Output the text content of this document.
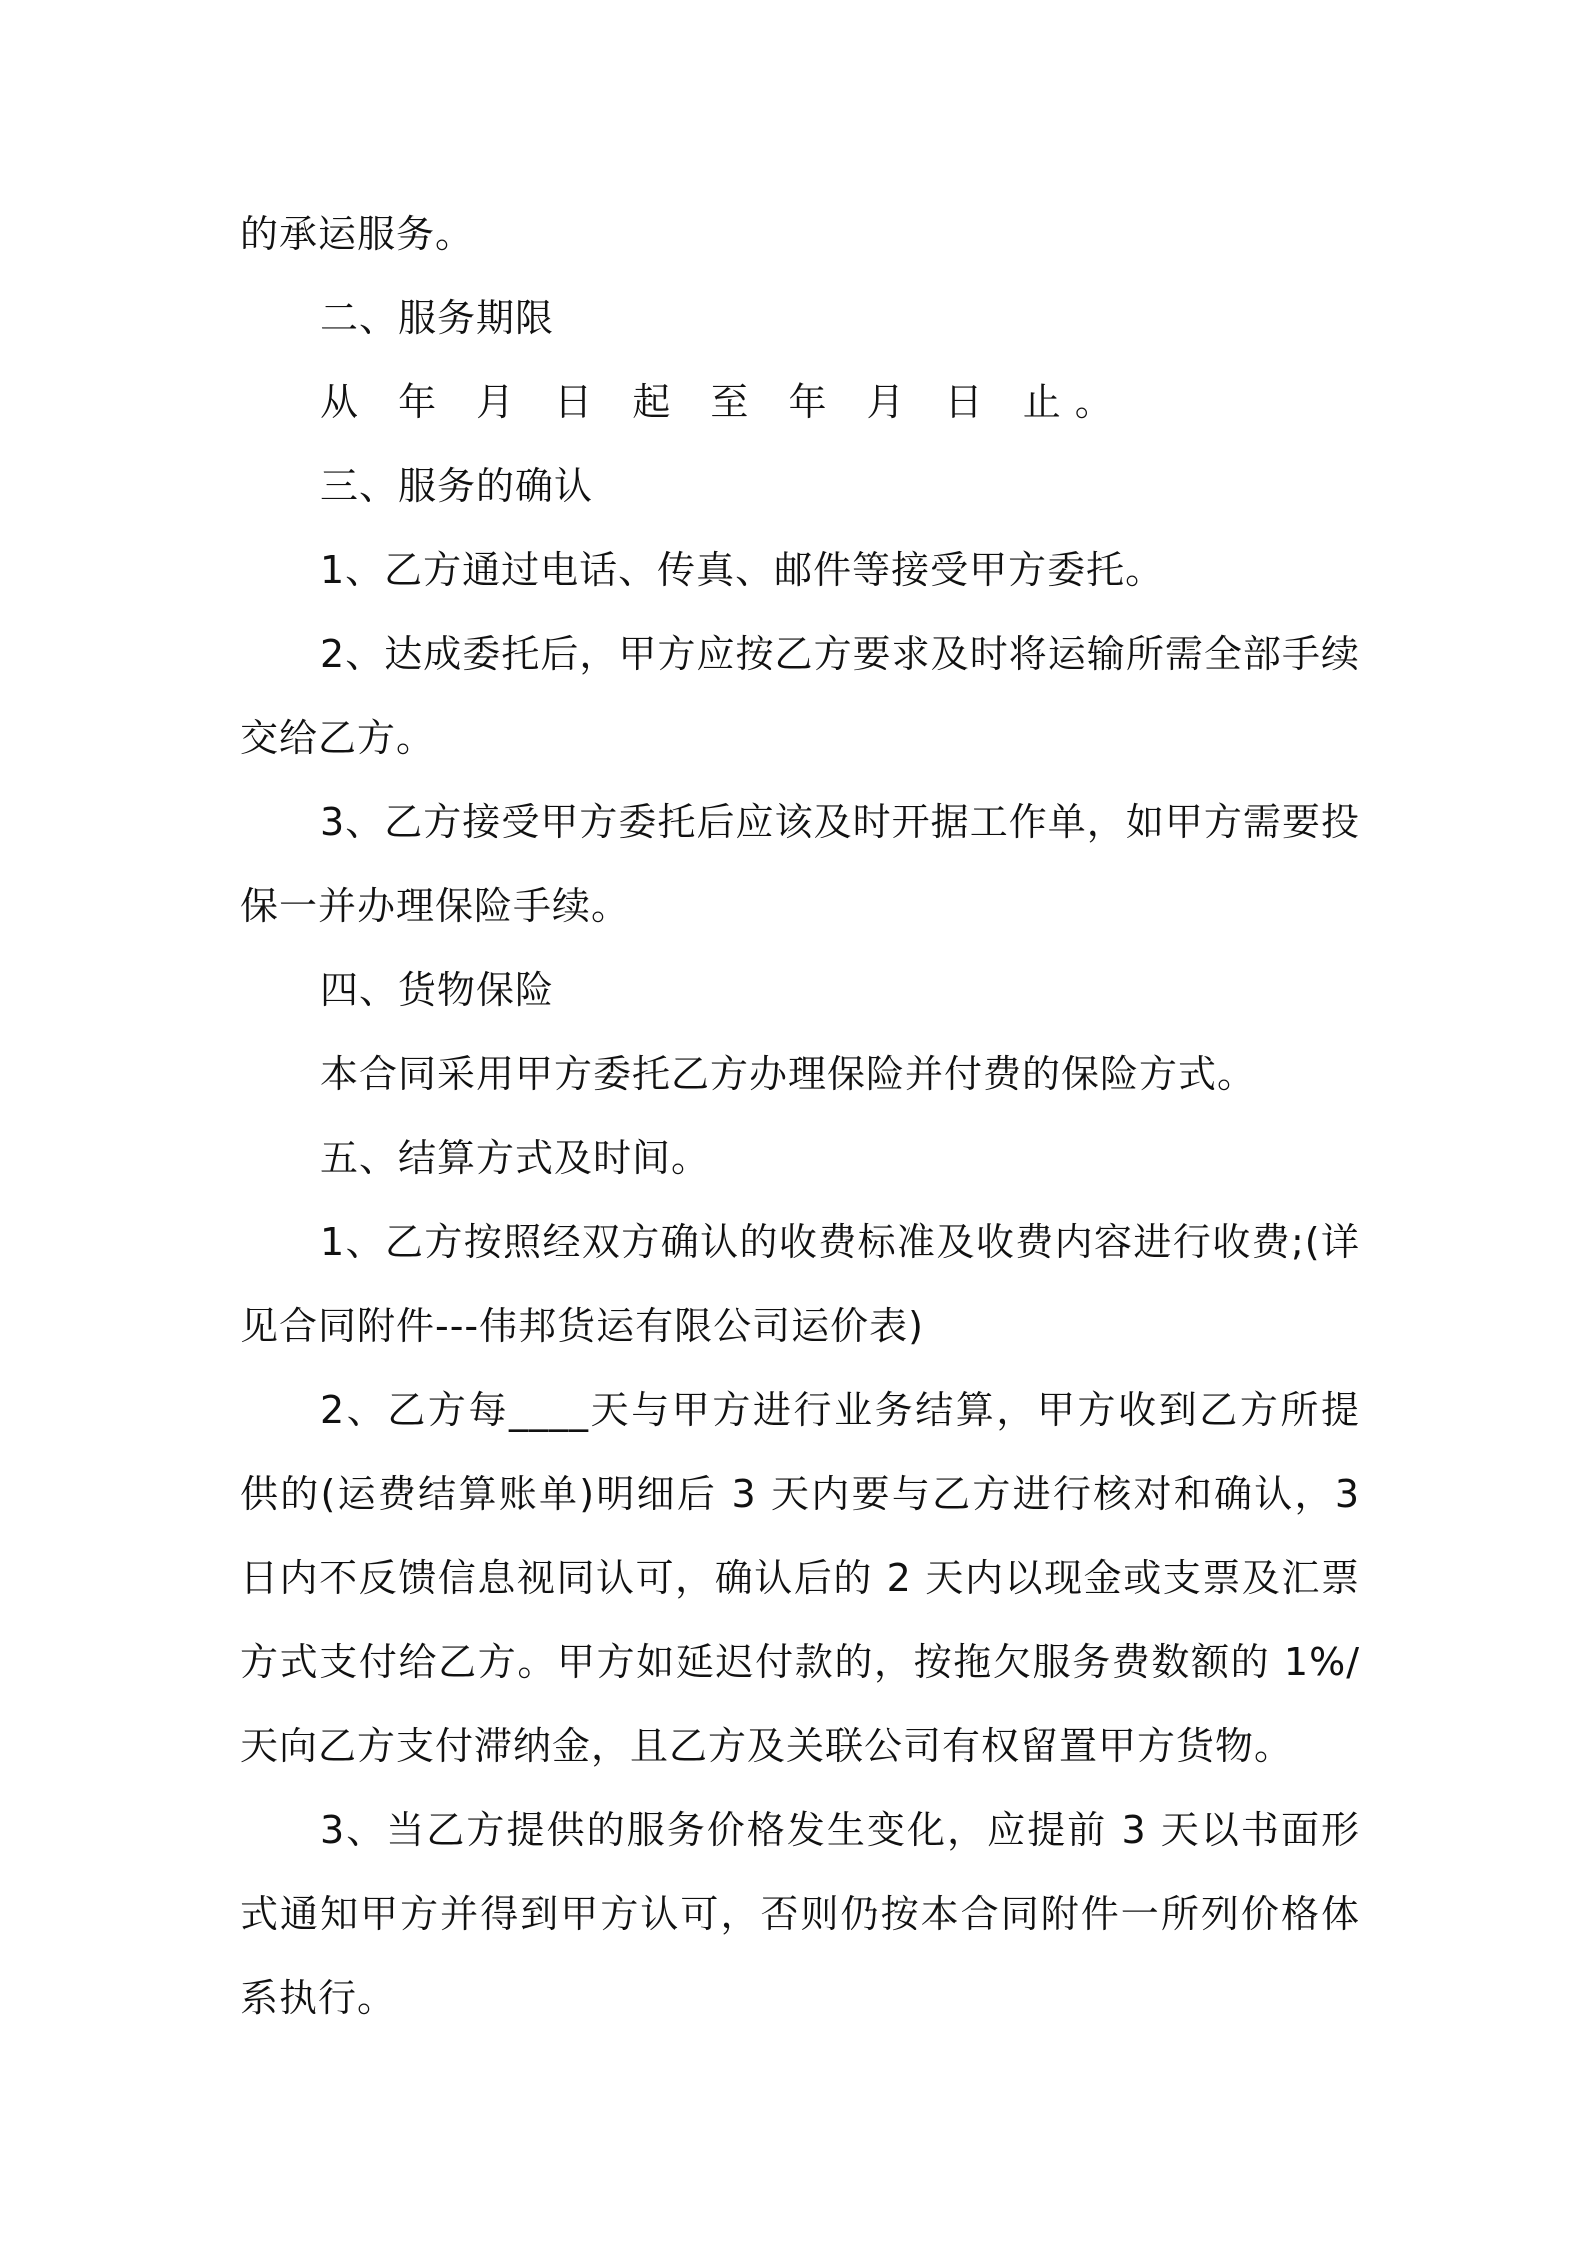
的承运服务。

二、服务期限

从 年 月 日 起 至 年 月 日 止。

三、服务的确认

1、乙方通过电话、传真、邮件等接受甲方委托。

2、达成委托后，甲方应按乙方要求及时将运输所需全部手续交给乙方。

3、乙方接受甲方委托后应该及时开据工作单，如甲方需要投保一并办理保险手续。

四、货物保险

本合同采用甲方委托乙方办理保险并付费的保险方式。

五、结算方式及时间。

1、乙方按照经双方确认的收费标准及收费内容进行收费;(详见合同附件---伟邦货运有限公司运价表)

2、乙方每____天与甲方进行业务结算，甲方收到乙方所提供的(运费结算账单)明细后 3 天内要与乙方进行核对和确认，3 日内不反馈信息视同认可，确认后的 2 天内以现金或支票及汇票方式支付给乙方。甲方如延迟付款的，按拖欠服务费数额的 1%/天向乙方支付滞纳金，且乙方及关联公司有权留置甲方货物。

3、当乙方提供的服务价格发生变化，应提前 3 天以书面形式通知甲方并得到甲方认可，否则仍按本合同附件一所列价格体系执行。
